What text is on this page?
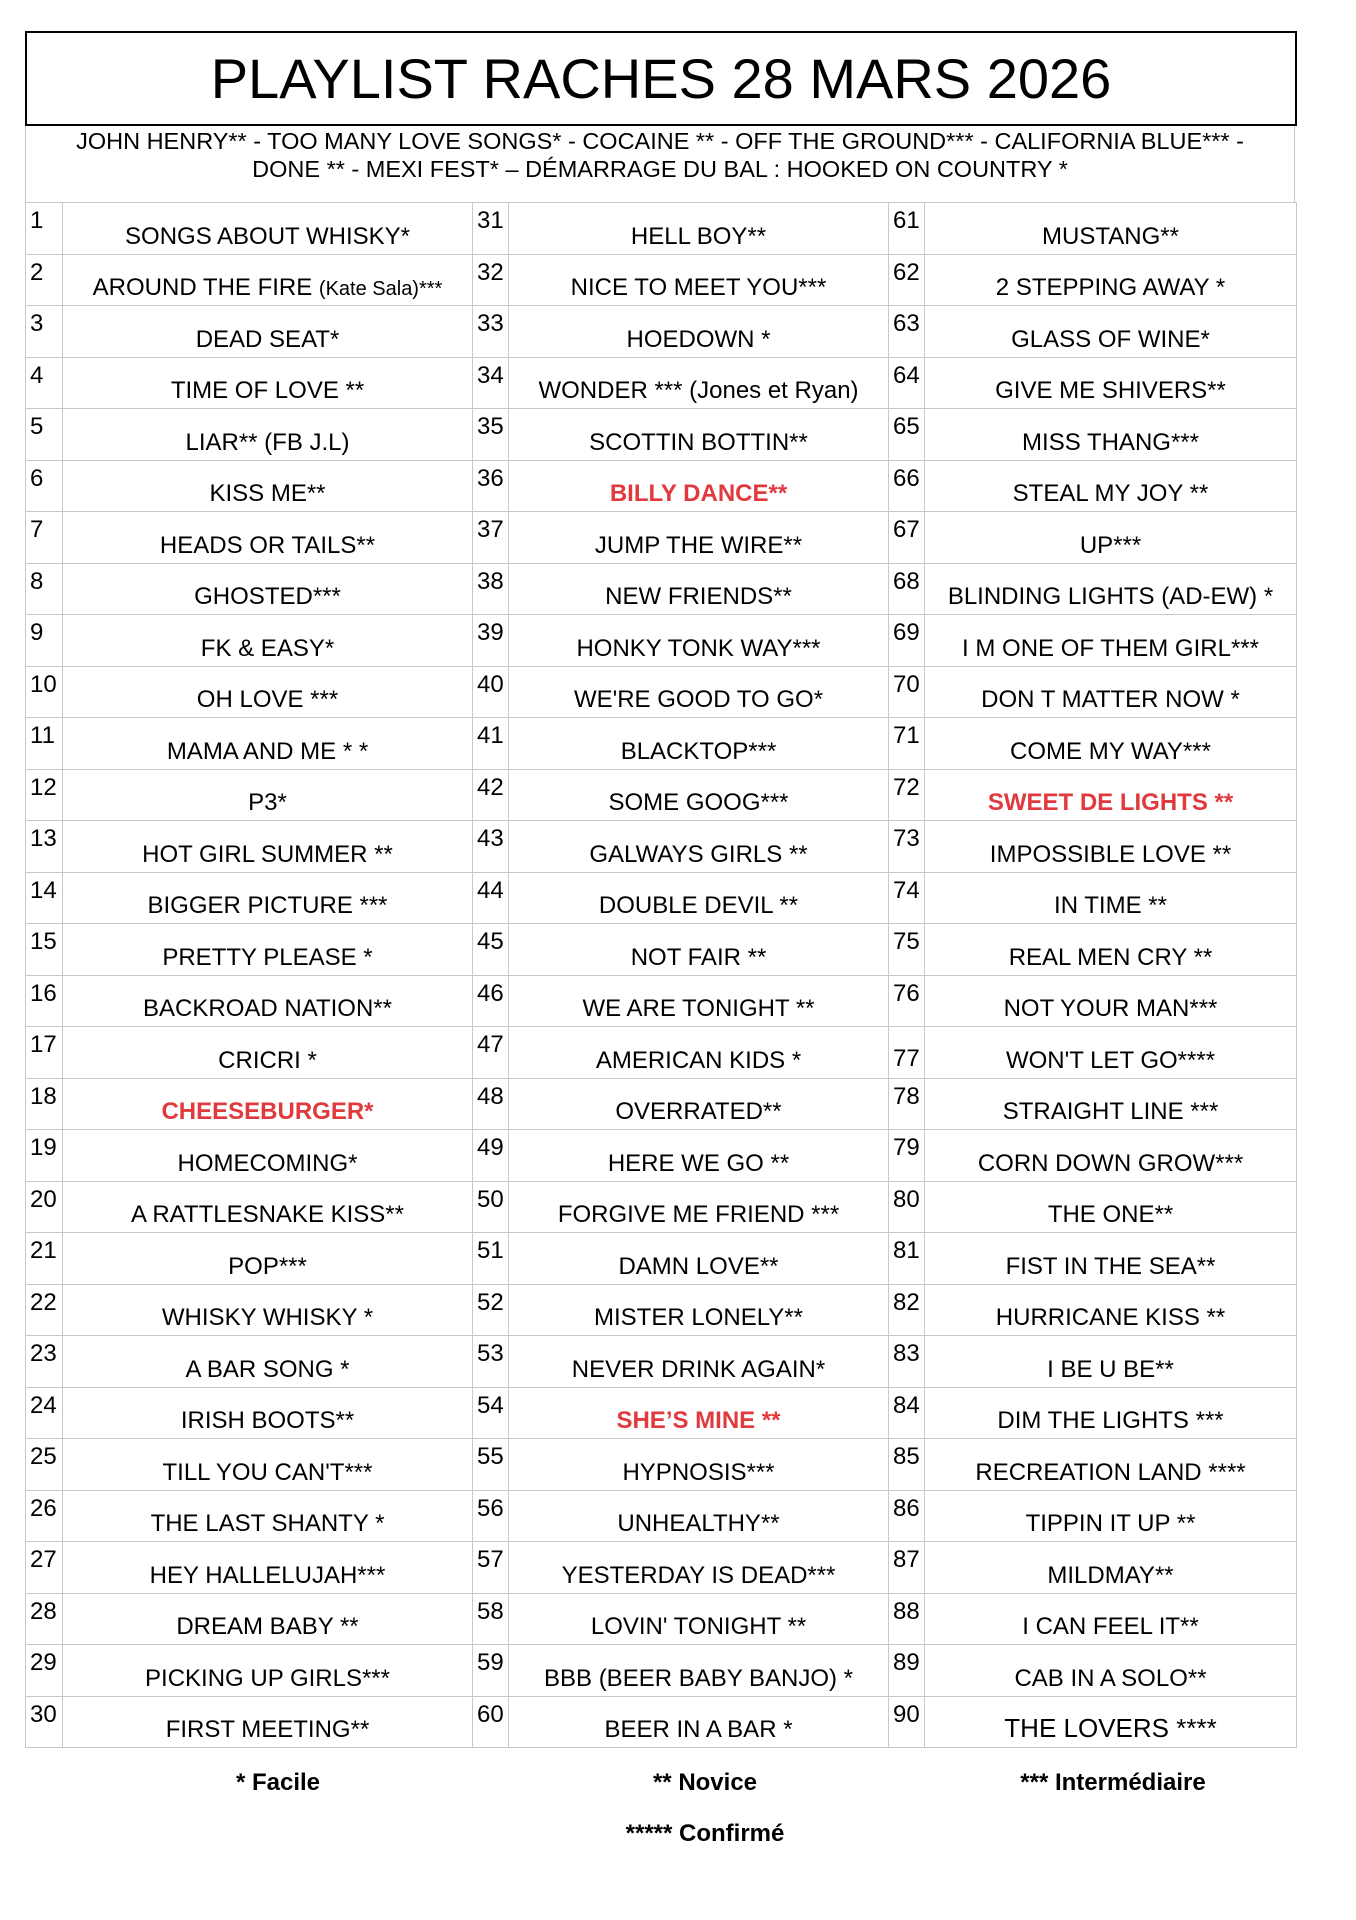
PLAYLIST RACHES 28 MARS 2026
JOHN HENRY** - TOO MANY LOVE SONGS* - COCAINE ** - OFF THE GROUND*** - CALIFORNIA BLUE*** -
DONE ** - MEXI FEST* – DÉMARRAGE DU BAL : HOOKED ON COUNTRY *
1	SONGS ABOUT WHISKY*	31	HELL BOY**	61	MUSTANG**

2	AROUND THE FIRE (Kate Sala)***	32	NICE TO MEET YOU***	62	2 STEPPING AWAY *

3	DEAD SEAT*	33	HOEDOWN *	63	GLASS OF WINE*

4	TIME OF LOVE **	34	WONDER *** (Jones et Ryan)	64	GIVE ME SHIVERS**

5	LIAR** (FB J.L)	35	SCOTTIN BOTTIN**	65	MISS THANG***

6	KISS ME**	36	BILLY DANCE**	66	STEAL MY JOY **

7	HEADS OR TAILS**	37	JUMP THE WIRE**	67	UP***

8	GHOSTED***	38	NEW FRIENDS**	68	BLINDING LIGHTS (AD-EW) *

9	FK & EASY*	39	HONKY TONK WAY***	69	I M ONE OF THEM GIRL***

10	OH LOVE ***	40	WE'RE GOOD TO GO*	70	DON T MATTER NOW *

11	MAMA AND ME * *	41	BLACKTOP***	71	COME MY WAY***

12	P3*	42	SOME GOOG***	72	SWEET DE LIGHTS **

13	HOT GIRL SUMMER **	43	GALWAYS GIRLS **	73	IMPOSSIBLE LOVE **

14	BIGGER PICTURE ***	44	DOUBLE DEVIL **	74	IN TIME **

15	PRETTY PLEASE *	45	NOT FAIR **	75	REAL MEN CRY **

16	BACKROAD NATION**	46	WE ARE TONIGHT **	76	NOT YOUR MAN***

17	CRICRI *	47	AMERICAN KIDS *	77	WON'T LET GO****

18	CHEESEBURGER*	48	OVERRATED**	78	STRAIGHT LINE ***

19	HOMECOMING*	49	HERE WE GO **	79	CORN DOWN GROW***

20	A RATTLESNAKE KISS**	50	FORGIVE ME FRIEND ***	80	THE ONE**

21	POP***	51	DAMN LOVE**	81	FIST IN THE SEA**

22	WHISKY WHISKY *	52	MISTER LONELY**	82	HURRICANE KISS **

23	A BAR SONG *	53	NEVER DRINK AGAIN*	83	I BE U BE**

24	IRISH BOOTS**	54	SHE’S MINE **	84	DIM THE LIGHTS ***

25	TILL YOU CAN'T***	55	HYPNOSIS***	85	RECREATION LAND ****

26	THE LAST SHANTY *	56	UNHEALTHY**	86	TIPPIN IT UP **

27	HEY HALLELUJAH***	57	YESTERDAY IS DEAD***	87	MILDMAY**

28	DREAM BABY **	58	LOVIN' TONIGHT **	88	I CAN FEEL IT**

29	PICKING UP GIRLS***	59	BBB (BEER BABY BANJO) *	89	CAB IN A SOLO**

30	FIRST MEETING**	60	BEER IN A BAR *	90	THE LOVERS ****
* Facile	** Novice	*** Intermédiaire
***** Confirmé
